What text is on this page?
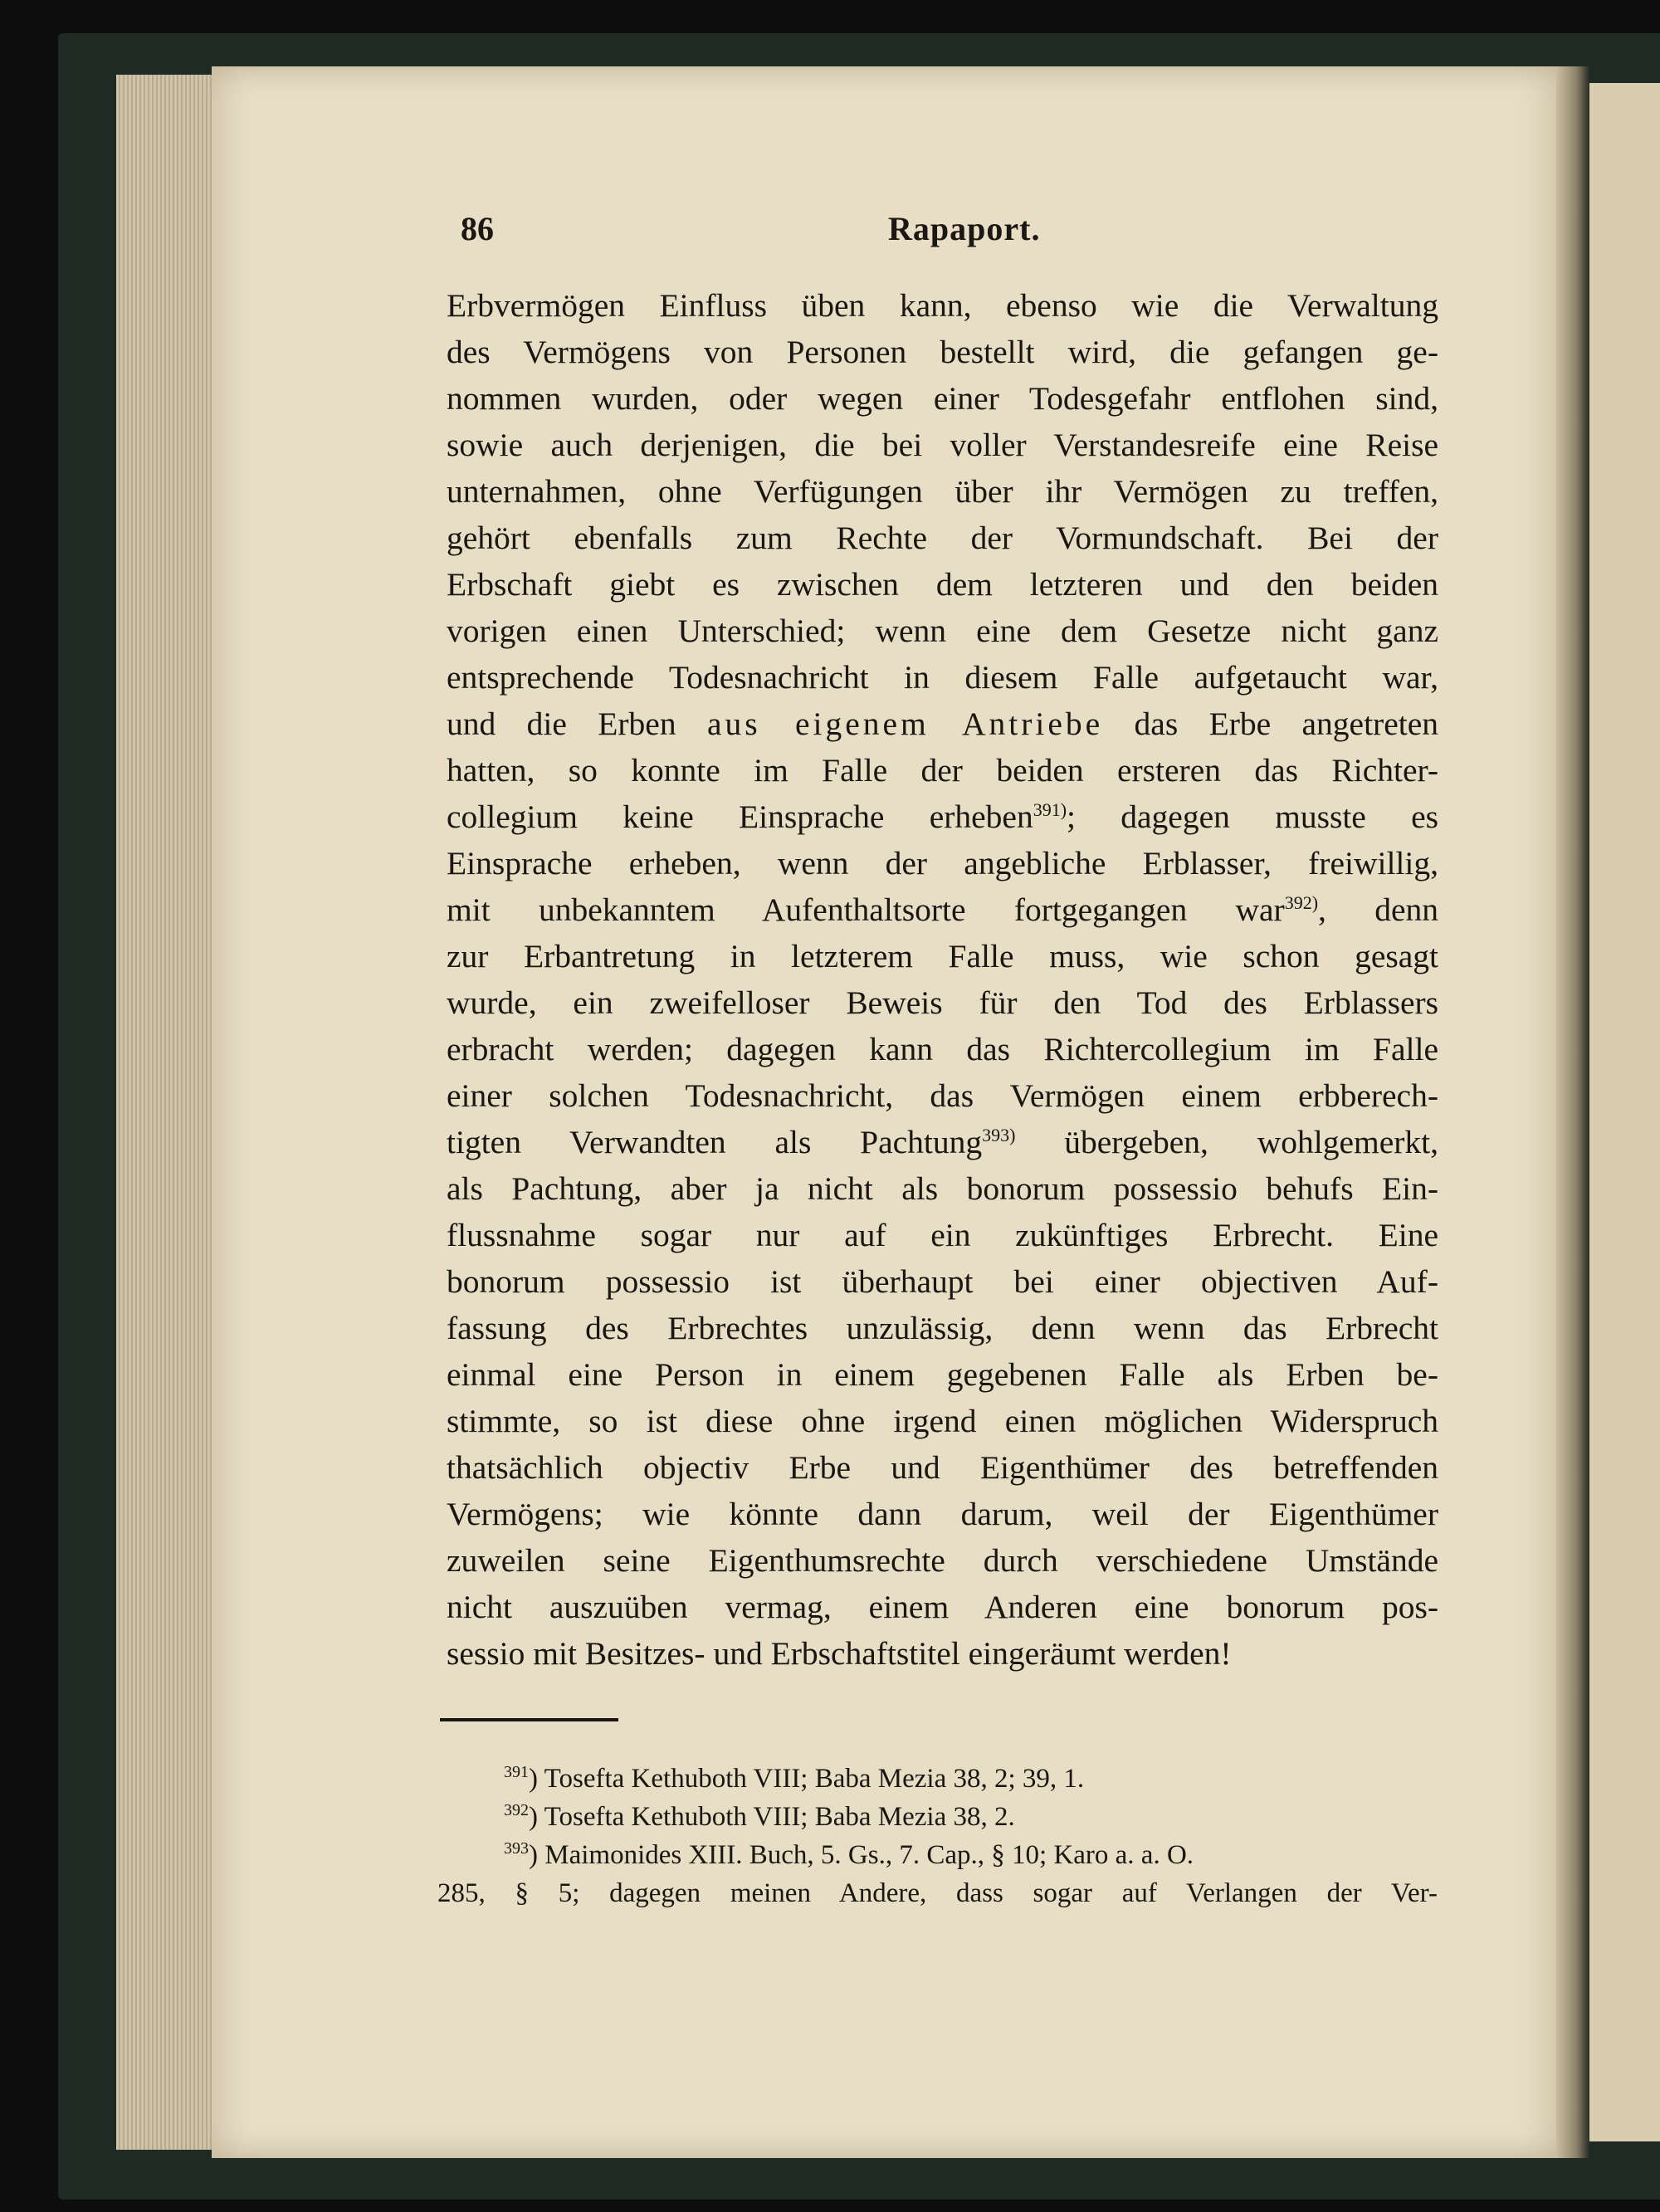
86	Rapaport.
Erbvermögen Einfluss üben kann, ebenso wie die Verwaltung
des Vermögens von Personen bestellt wird, die gefangen ge-
nommen wurden, oder wegen einer Todesgefahr entflohen sind,
sowie auch derjenigen, die bei voller Verstandesreife eine Reise
unternahmen, ohne Verfügungen über ihr Vermögen zu treffen,
gehört ebenfalls zum Rechte der Vormundschaft. Bei der
Erbschaft giebt es zwischen dem letzteren und den beiden
vorigen einen Unterschied; wenn eine dem Gesetze nicht ganz
entsprechende Todesnachricht in diesem Falle aufgetaucht war,
und die Erben aus eigenem Antriebe das Erbe angetreten
hatten, so konnte im Falle der beiden ersteren das Richter-
collegium keine Einsprache erheben$^{391)}$; dagegen musste es
Einsprache erheben, wenn der angebliche Erblasser, freiwillig,
mit unbekanntem Aufenthaltsorte fortgegangen war$^{392)}$, denn
zur Erbantretung in letzterem Falle muss, wie schon gesagt
wurde, ein zweifelloser Beweis für den Tod des Erblassers
erbracht werden; dagegen kann das Richtercollegium im Falle
einer solchen Todesnachricht, das Vermögen einem erbberech-
tigten Verwandten als Pachtung$^{393)}$ übergeben, wohlgemerkt,
als Pachtung, aber ja nicht als bonorum possessio behufs Ein-
flussnahme sogar nur auf ein zukünftiges Erbrecht. Eine
bonorum possessio ist überhaupt bei einer objectiven Auf-
fassung des Erbrechtes unzulässig, denn wenn das Erbrecht
einmal eine Person in einem gegebenen Falle als Erben be-
stimmte, so ist diese ohne irgend einen möglichen Widerspruch
thatsächlich objectiv Erbe und Eigenthümer des betreffenden
Vermögens; wie könnte dann darum, weil der Eigenthümer
zuweilen seine Eigenthumsrechte durch verschiedene Umstände
nicht auszuüben vermag, einem Anderen eine bonorum pos-
sessio mit Besitzes- und Erbschaftstitel eingeräumt werden!
$^{391}$) Tosefta Kethuboth VIII; Baba Mezia 38, 2; 39, 1.
$^{392}$) Tosefta Kethuboth VIII; Baba Mezia 38, 2.
$^{393}$) Maimonides XIII. Buch, 5. Gs., 7. Cap., § 10; Karo a. a. O.
285, § 5; dagegen meinen Andere, dass sogar auf Verlangen der Ver-
